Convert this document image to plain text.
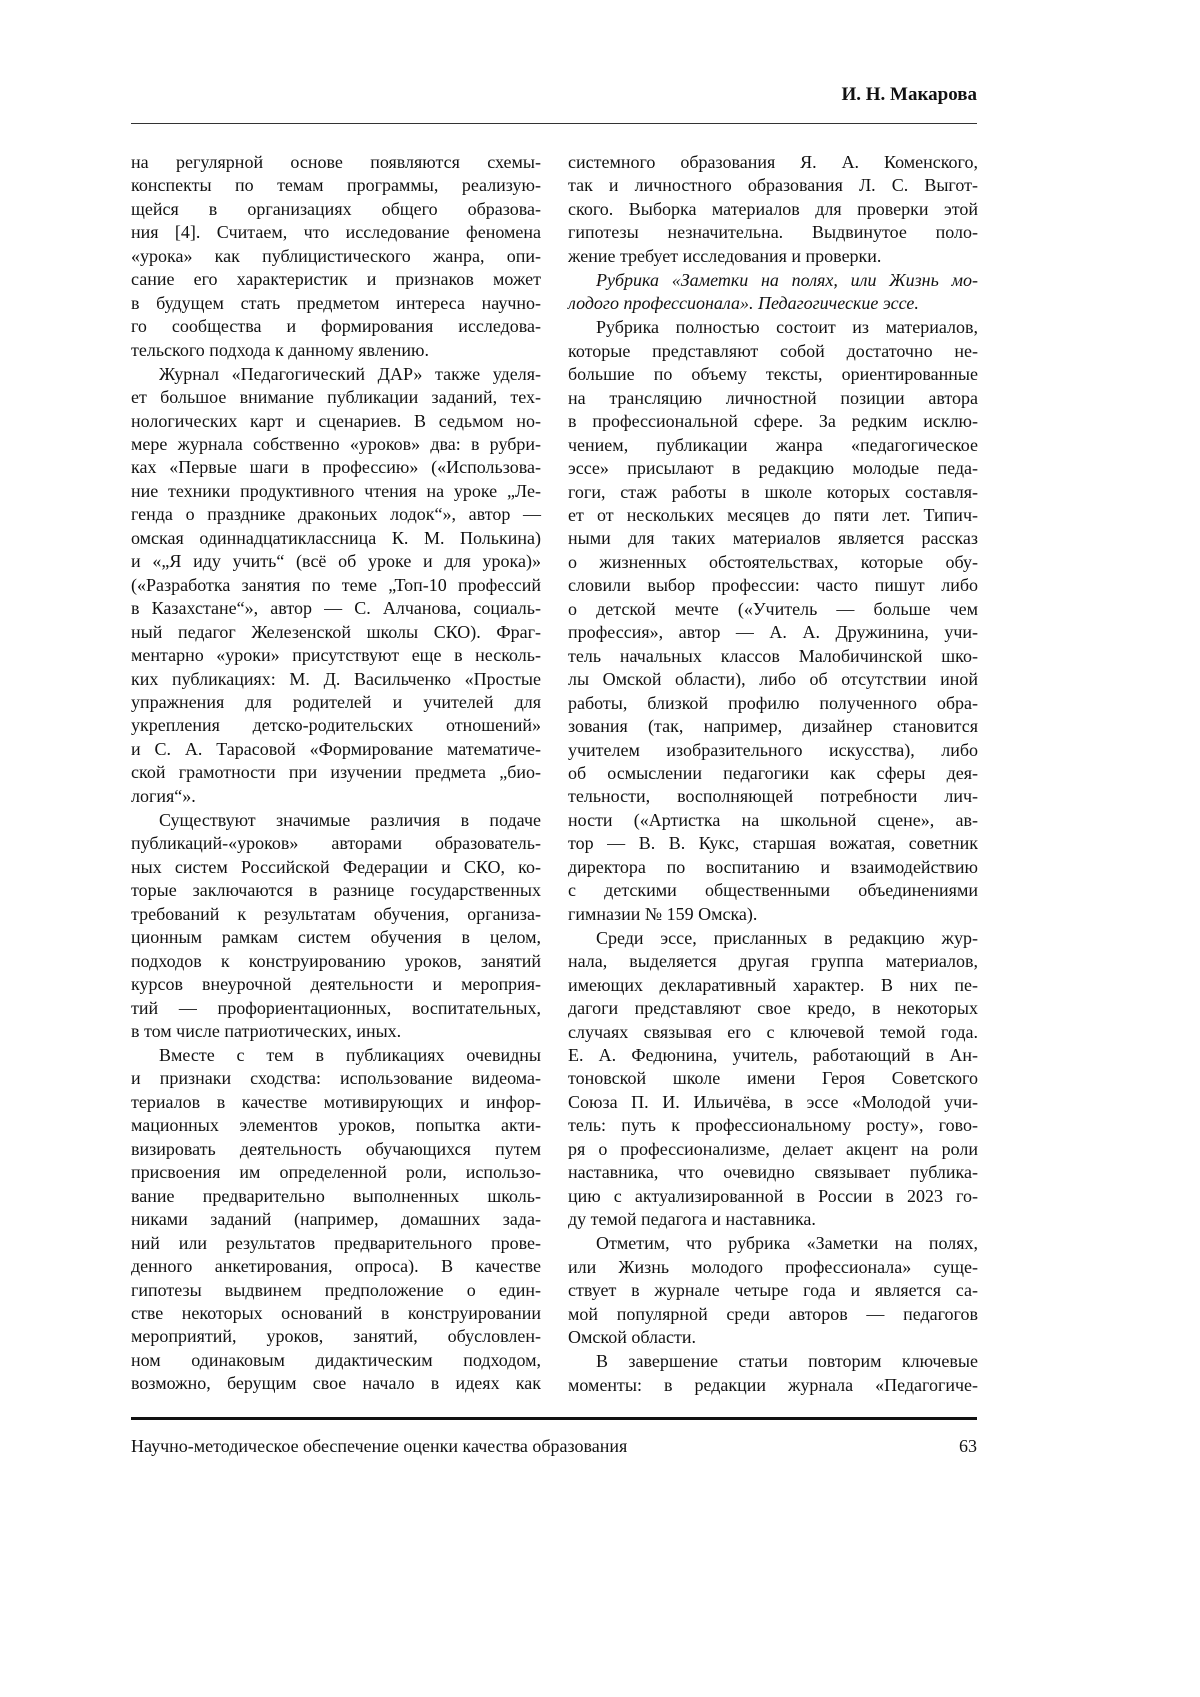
И. Н. Макарова
на регулярной основе появляются схемы-
конспекты по темам программы, реализую-
щейся в организациях общего образова-
ния [4]. Считаем, что исследование феномена
«урока» как публицистического жанра, опи-
сание его характеристик и признаков может
в будущем стать предметом интереса научно-
го сообщества и формирования исследова-
тельского подхода к данному явлению.
Журнал «Педагогический ДАР» также уделя-
ет большое внимание публикации заданий, тех-
нологических карт и сценариев. В седьмом но-
мере журнала собственно «уроков» два: в рубри-
ках «Первые шаги в профессию» («Использова-
ние техники продуктивного чтения на уроке „Ле-
генда о празднике драконьих лодок“», автор —
омская одиннадцатиклассница К. М. Полькина)
и «„Я иду учить“ (всё об уроке и для урока)»
(«Разработка занятия по теме „Топ-10 профессий
в Казахстане“», автор — С. Алчанова, социаль-
ный педагог Железенской школы СКО). Фраг-
ментарно «уроки» присутствуют еще в несколь-
ких публикациях: М. Д. Васильченко «Простые
упражнения для родителей и учителей для
укрепления детско-родительских отношений»
и С. А. Тарасовой «Формирование математиче-
ской грамотности при изучении предмета „био-
логия“».
Существуют значимые различия в подаче
публикаций-«уроков» авторами образователь-
ных систем Российской Федерации и СКО, ко-
торые заключаются в разнице государственных
требований к результатам обучения, организа-
ционным рамкам систем обучения в целом,
подходов к конструированию уроков, занятий
курсов внеурочной деятельности и мероприя-
тий — профориентационных, воспитательных,
в том числе патриотических, иных.
Вместе с тем в публикациях очевидны
и признаки сходства: использование видеома-
териалов в качестве мотивирующих и инфор-
мационных элементов уроков, попытка акти-
визировать деятельность обучающихся путем
присвоения им определенной роли, использо-
вание предварительно выполненных школь-
никами заданий (например, домашних зада-
ний или результатов предварительного прове-
денного анкетирования, опроса). В качестве
гипотезы выдвинем предположение о един-
стве некоторых оснований в конструировании
мероприятий, уроков, занятий, обусловлен-
ном одинаковым дидактическим подходом,
возможно, берущим свое начало в идеях как
системного образования Я. А. Коменского,
так и личностного образования Л. С. Выгот-
ского. Выборка материалов для проверки этой
гипотезы незначительна. Выдвинутое поло-
жение требует исследования и проверки.
Рубрика «Заметки на полях, или Жизнь мо-
лодого профессионала». Педагогические эссе.
Рубрика полностью состоит из материалов,
которые представляют собой достаточно не-
большие по объему тексты, ориентированные
на трансляцию личностной позиции автора
в профессиональной сфере. За редким исклю-
чением, публикации жанра «педагогическое
эссе» присылают в редакцию молодые педа-
гоги, стаж работы в школе которых составля-
ет от нескольких месяцев до пяти лет. Типич-
ными для таких материалов является рассказ
о жизненных обстоятельствах, которые обу-
словили выбор профессии: часто пишут либо
о детской мечте («Учитель — больше чем
профессия», автор — А. А. Дружинина, учи-
тель начальных классов Малобичинской шко-
лы Омской области), либо об отсутствии иной
работы, близкой профилю полученного обра-
зования (так, например, дизайнер становится
учителем изобразительного искусства), либо
об осмыслении педагогики как сферы дея-
тельности, восполняющей потребности лич-
ности («Артистка на школьной сцене», ав-
тор — В. В. Кукс, старшая вожатая, советник
директора по воспитанию и взаимодействию
с детскими общественными объединениями
гимназии № 159 Омска).
Среди эссе, присланных в редакцию жур-
нала, выделяется другая группа материалов,
имеющих декларативный характер. В них пе-
дагоги представляют свое кредо, в некоторых
случаях связывая его с ключевой темой года.
Е. А. Федюнина, учитель, работающий в Ан-
тоновской школе имени Героя Советского
Союза П. И. Ильичёва, в эссе «Молодой учи-
тель: путь к профессиональному росту», гово-
ря о профессионализме, делает акцент на роли
наставника, что очевидно связывает публика-
цию с актуализированной в России в 2023 го-
ду темой педагога и наставника.
Отметим, что рубрика «Заметки на полях,
или Жизнь молодого профессионала» суще-
ствует в журнале четыре года и является са-
мой популярной среди авторов — педагогов
Омской области.
В завершение статьи повторим ключевые
моменты: в редакции журнала «Педагогиче-
Научно-методическое обеспечение оценки качества образования	63
